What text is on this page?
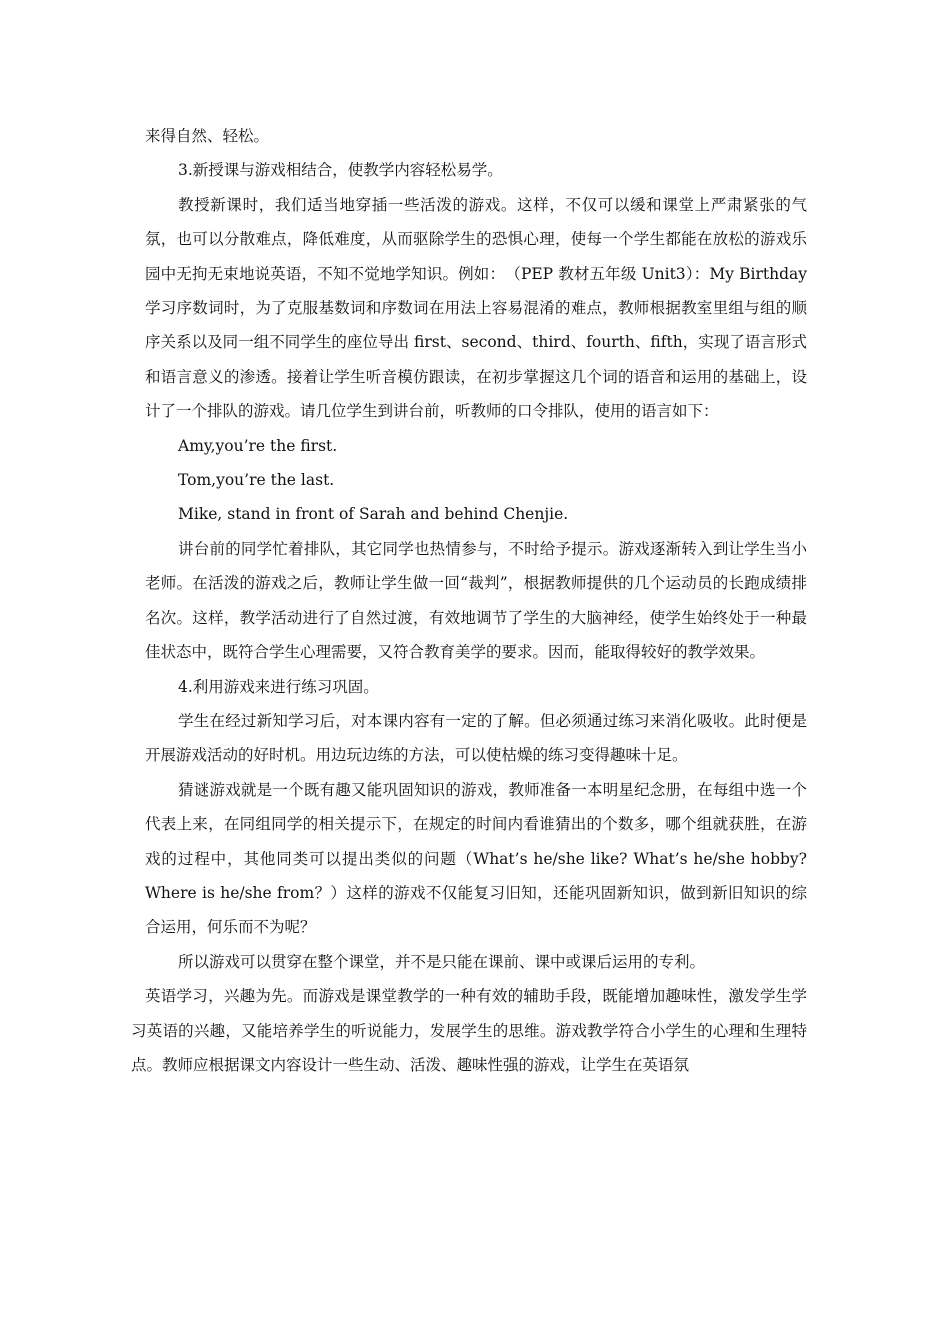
来得自然、轻松。

3.新授课与游戏相结合，使教学内容轻松易学。

教授新课时，我们适当地穿插一些活泼的游戏。这样，不仅可以缓和课堂上严肃紧张的气氛，也可以分散难点，降低难度，从而驱除学生的恐惧心理，使每一个学生都能在放松的游戏乐园中无拘无束地说英语，不知不觉地学知识。例如：　（PEP 教材五年级 Unit3）：My Birthday 学习序数词时，为了克服基数词和序数词在用法上容易混淆的难点，教师根据教室里组与组的顺序关系以及同一组不同学生的座位导出 first、second、third、fourth、fifth，实现了语言形式和语言意义的渗透。接着让学生听音模仿跟读，在初步掌握这几个词的语音和运用的基础上，设计了一个排队的游戏。请几位学生到讲台前，听教师的口令排队，使用的语言如下：

Amy,you’re the first.

Tom,you’re the last.

Mike, stand in front of Sarah and behind Chenjie.

讲台前的同学忙着排队，其它同学也热情参与，不时给予提示。游戏逐渐转入到让学生当小老师。在活泼的游戏之后，教师让学生做一回“裁判”，根据教师提供的几个运动员的长跑成绩排名次。这样，教学活动进行了自然过渡，有效地调节了学生的大脑神经，使学生始终处于一种最佳状态中，既符合学生心理需要，又符合教育美学的要求。因而，能取得较好的教学效果。

4.利用游戏来进行练习巩固。

学生在经过新知学习后，对本课内容有一定的了解。但必须通过练习来消化吸收。此时便是开展游戏活动的好时机。用边玩边练的方法，可以使枯燥的练习变得趣味十足。

猜谜游戏就是一个既有趣又能巩固知识的游戏，教师准备一本明星纪念册，在每组中选一个代表上来，在同组同学的相关提示下，在规定的时间内看谁猜出的个数多，哪个组就获胜，在游戏的过程中，其他同类可以提出类似的问题（What’s he/she like? What’s he/she hobby? Where is he/she from？）这样的游戏不仅能复习旧知，还能巩固新知识，做到新旧知识的综合运用，何乐而不为呢？

所以游戏可以贯穿在整个课堂，并不是只能在课前、课中或课后运用的专利。

英语学习，兴趣为先。而游戏是课堂教学的一种有效的辅助手段，既能增加趣味性，激发学生学习英语的兴趣，又能培养学生的听说能力，发展学生的思维。游戏教学符合小学生的心理和生理特点。教师应根据课文内容设计一些生动、活泼、趣味性强的游戏，让学生在英语氛
